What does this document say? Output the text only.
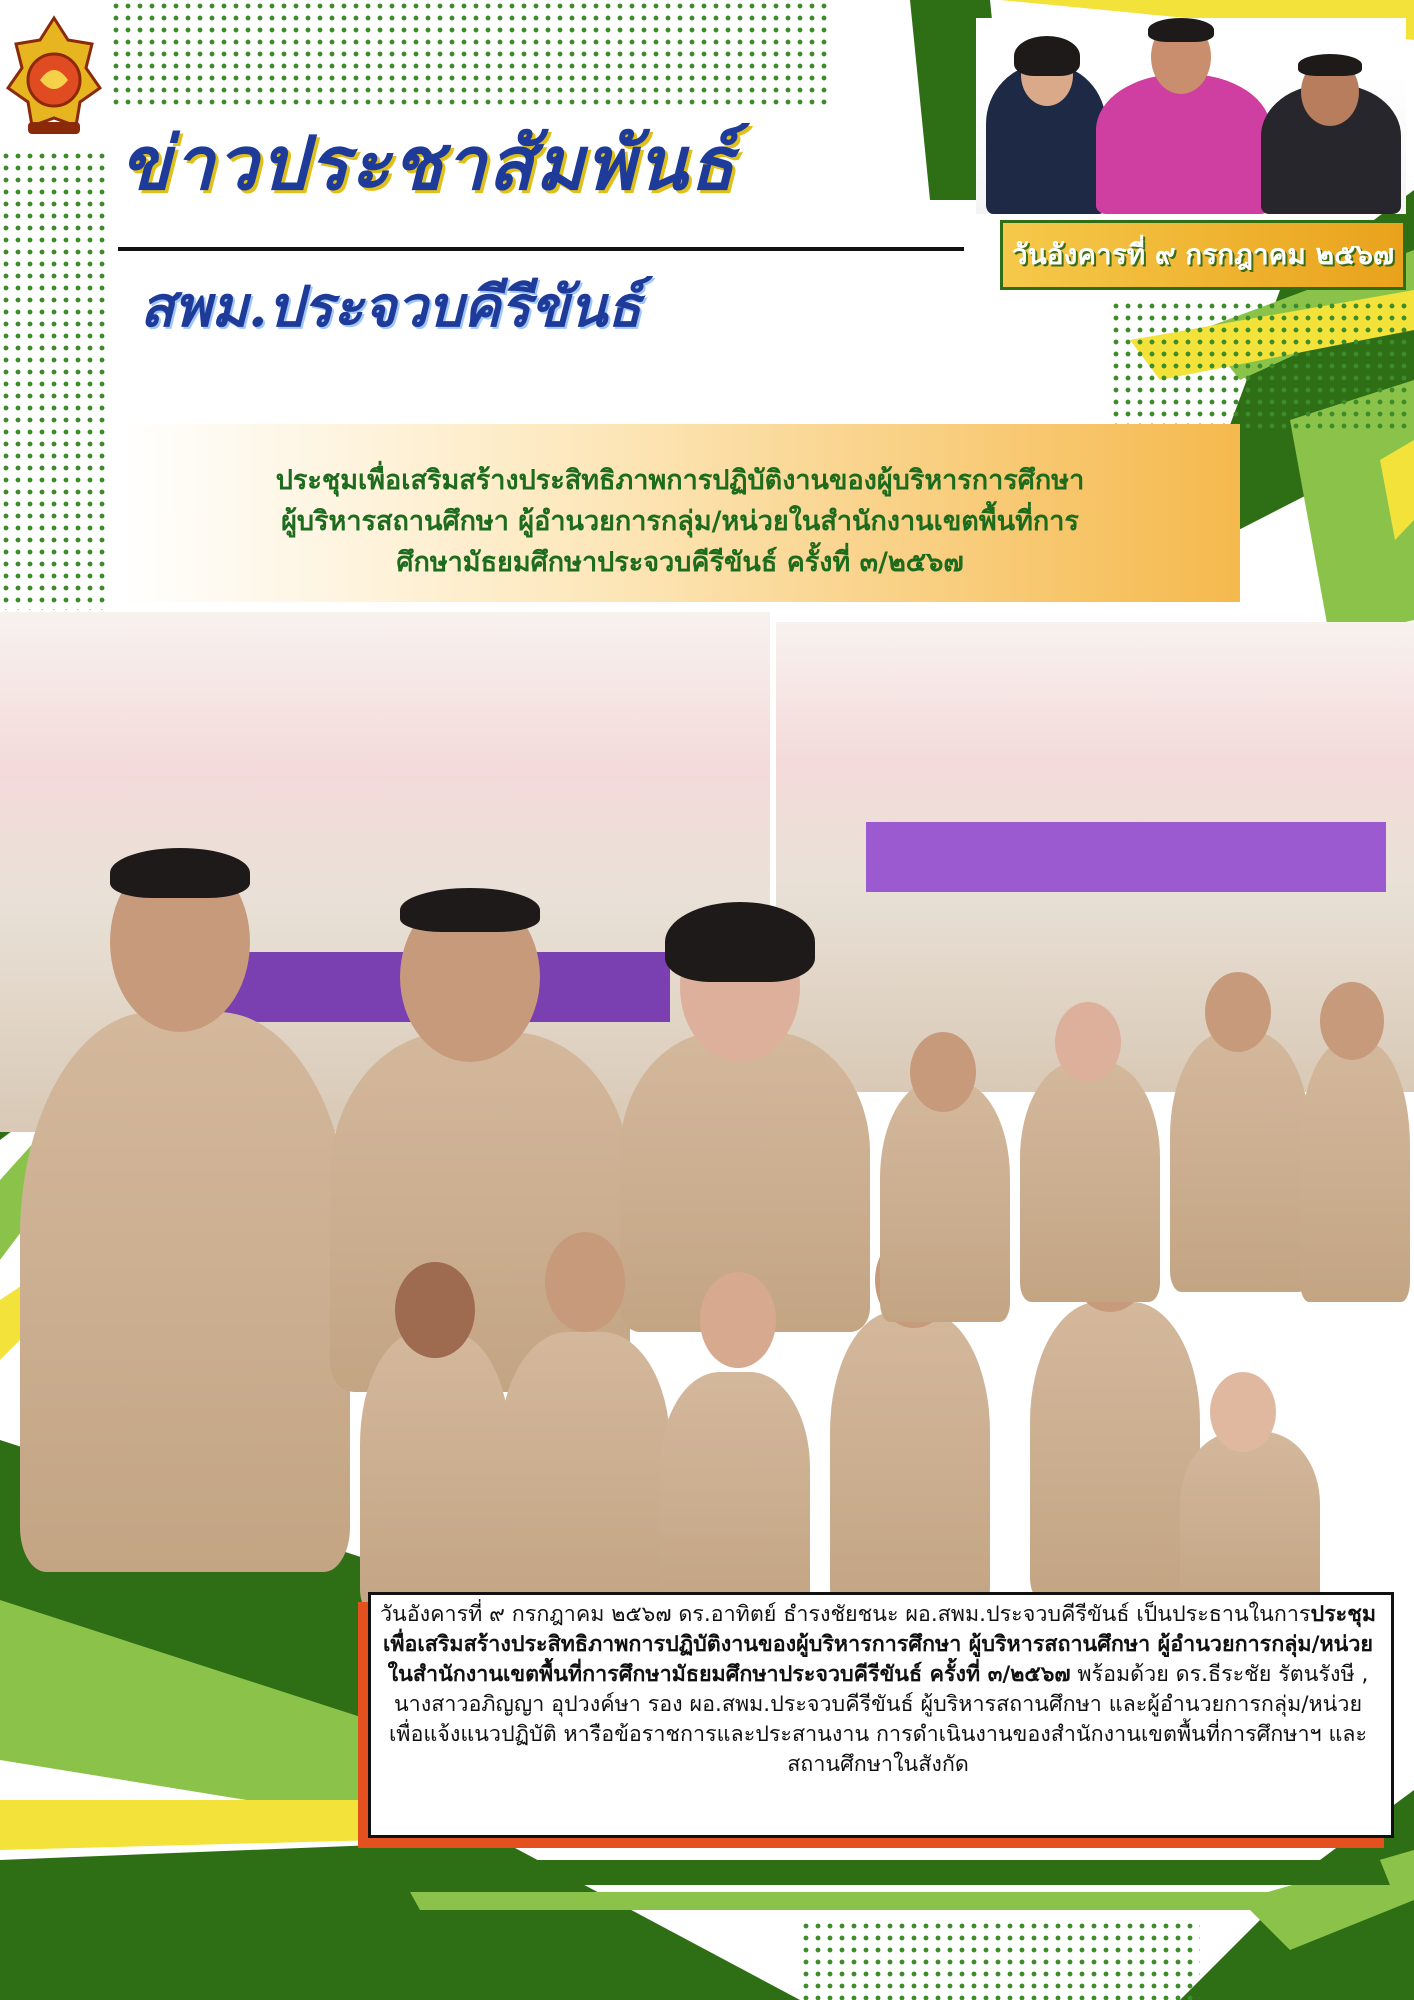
ข่าวประชาสัมพันธ์
สพม.ประจวบคีรีขันธ์
วันอังคารที่ ๙ กรกฎาคม ๒๕๖๗
ประชุมเพื่อเสริมสร้างประสิทธิภาพการปฏิบัติงานของผู้บริหารการศึกษา
ผู้บริหารสถานศึกษา ผู้อำนวยการกลุ่ม/หน่วยในสำนักงานเขตพื้นที่การ
ศึกษามัธยมศึกษาประจวบคีรีขันธ์ ครั้งที่ ๓/๒๕๖๗
วันอังคารที่ ๙ กรกฎาคม ๒๕๖๗ ดร.อาทิตย์ ธำรงชัยชนะ ผอ.สพม.ประจวบคีรีขันธ์ เป็นประธานในการประชุมเพื่อเสริมสร้างประสิทธิภาพการปฏิบัติงานของผู้บริหารการศึกษา ผู้บริหารสถานศึกษา ผู้อำนวยการกลุ่ม/หน่วยในสำนักงานเขตพื้นที่การศึกษามัธยมศึกษาประจวบคีรีขันธ์ ครั้งที่ ๓/๒๕๖๗ พร้อมด้วย ดร.ธีระชัย รัตนรังษี , นางสาวอภิญญา อุปวงค์ษา รอง ผอ.สพม.ประจวบคีรีขันธ์ ผู้บริหารสถานศึกษา และผู้อำนวยการกลุ่ม/หน่วย เพื่อแจ้งแนวปฏิบัติ หารือข้อราชการและประสานงาน การดำเนินงานของสำนักงานเขตพื้นที่การศึกษาฯ และสถานศึกษาในสังกัด
